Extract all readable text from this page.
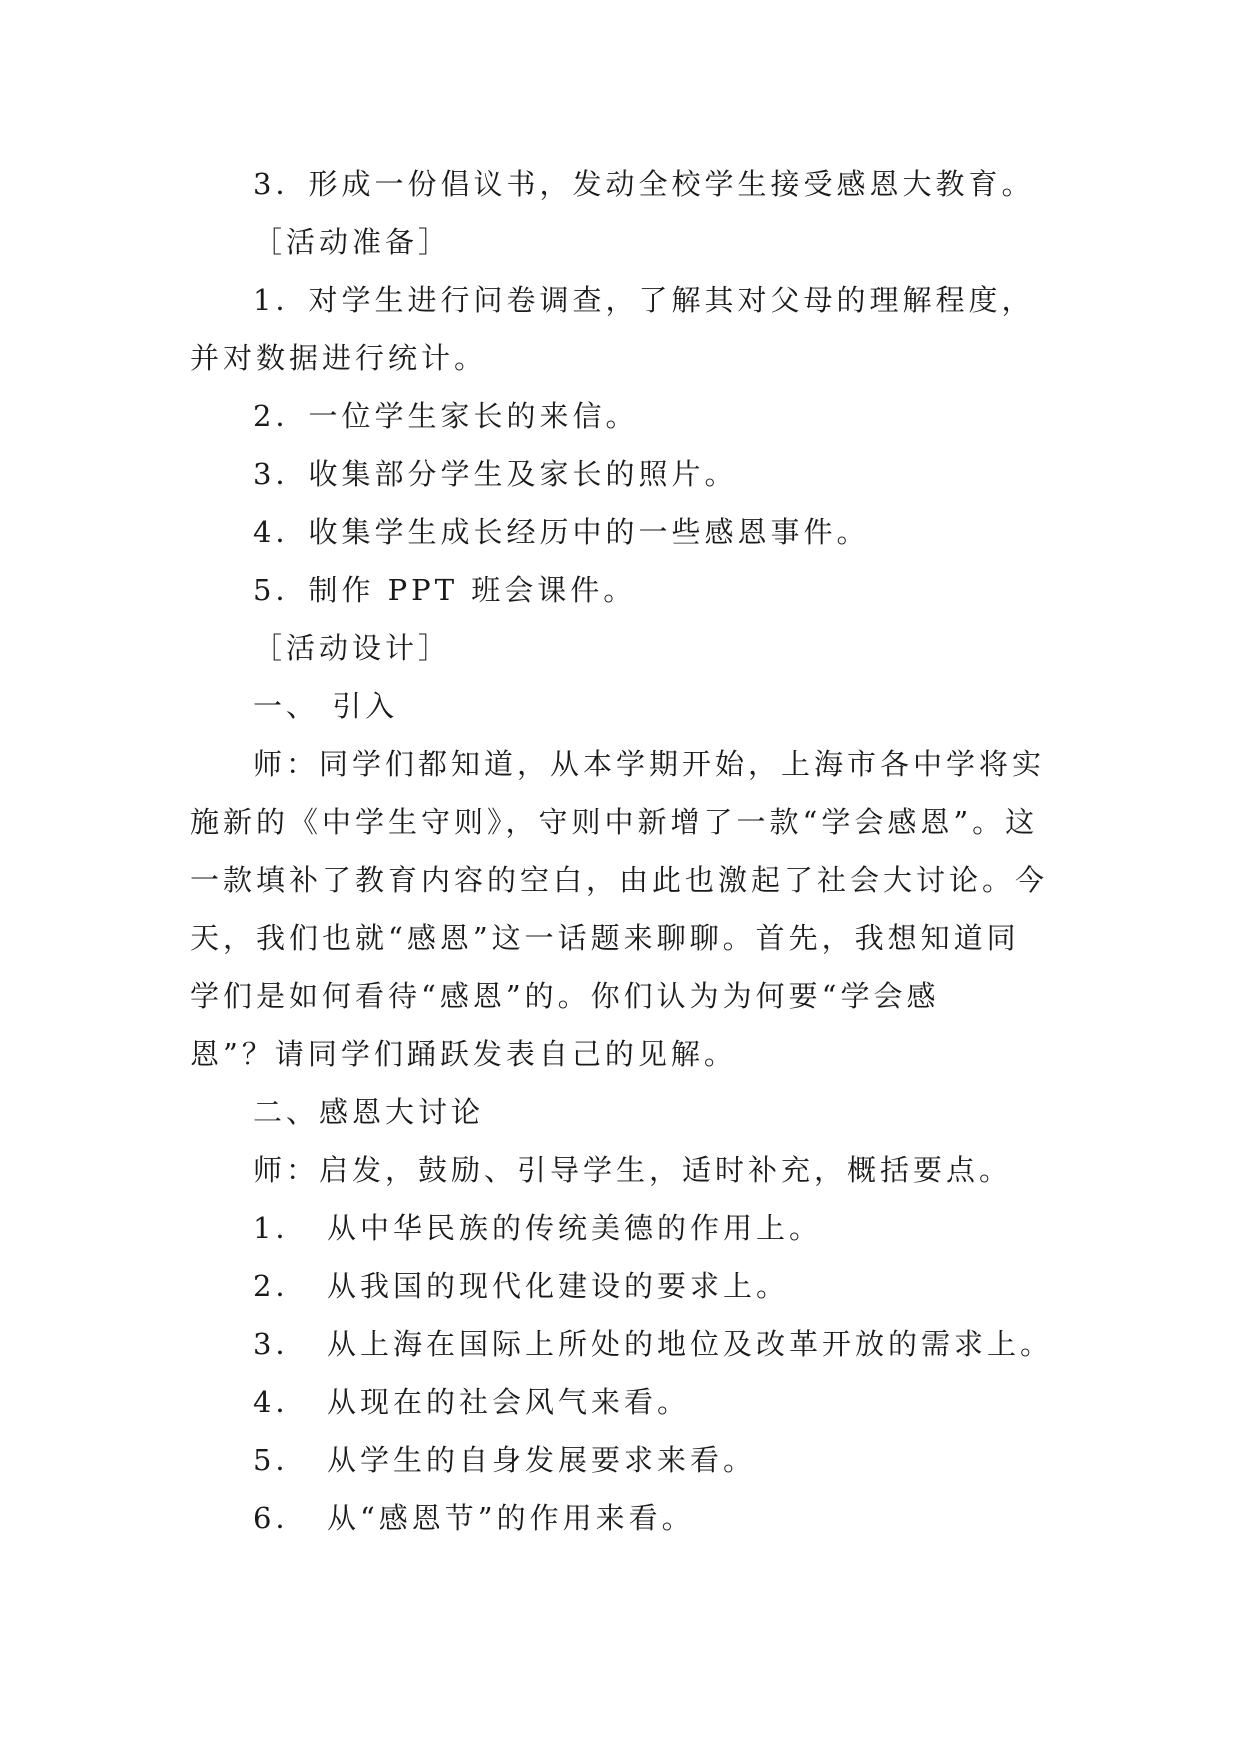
3．形成一份倡议书，发动全校学生接受感恩大教育。
［活动准备］
1．对学生进行问卷调查，了解其对父母的理解程度，
并对数据进行统计。
2．一位学生家长的来信。
3．收集部分学生及家长的照片。
4．收集学生成长经历中的一些感恩事件。
5．制作 PPT 班会课件。
［活动设计］
一、 引入
师：同学们都知道，从本学期开始，上海市各中学将实
施新的《中学生守则》，守则中新增了一款“学会感恩”。这
一款填补了教育内容的空白，由此也激起了社会大讨论。今
天，我们也就“感恩”这一话题来聊聊。首先，我想知道同
学们是如何看待“感恩”的。你们认为为何要“学会感
恩”？请同学们踊跃发表自己的见解。
二、感恩大讨论
师：启发，鼓励、引导学生，适时补充，概括要点。
1．　从中华民族的传统美德的作用上。
2．　从我国的现代化建设的要求上。
3．　从上海在国际上所处的地位及改革开放的需求上。
4．　从现在的社会风气来看。
5．　从学生的自身发展要求来看。
6．　从“感恩节”的作用来看。
